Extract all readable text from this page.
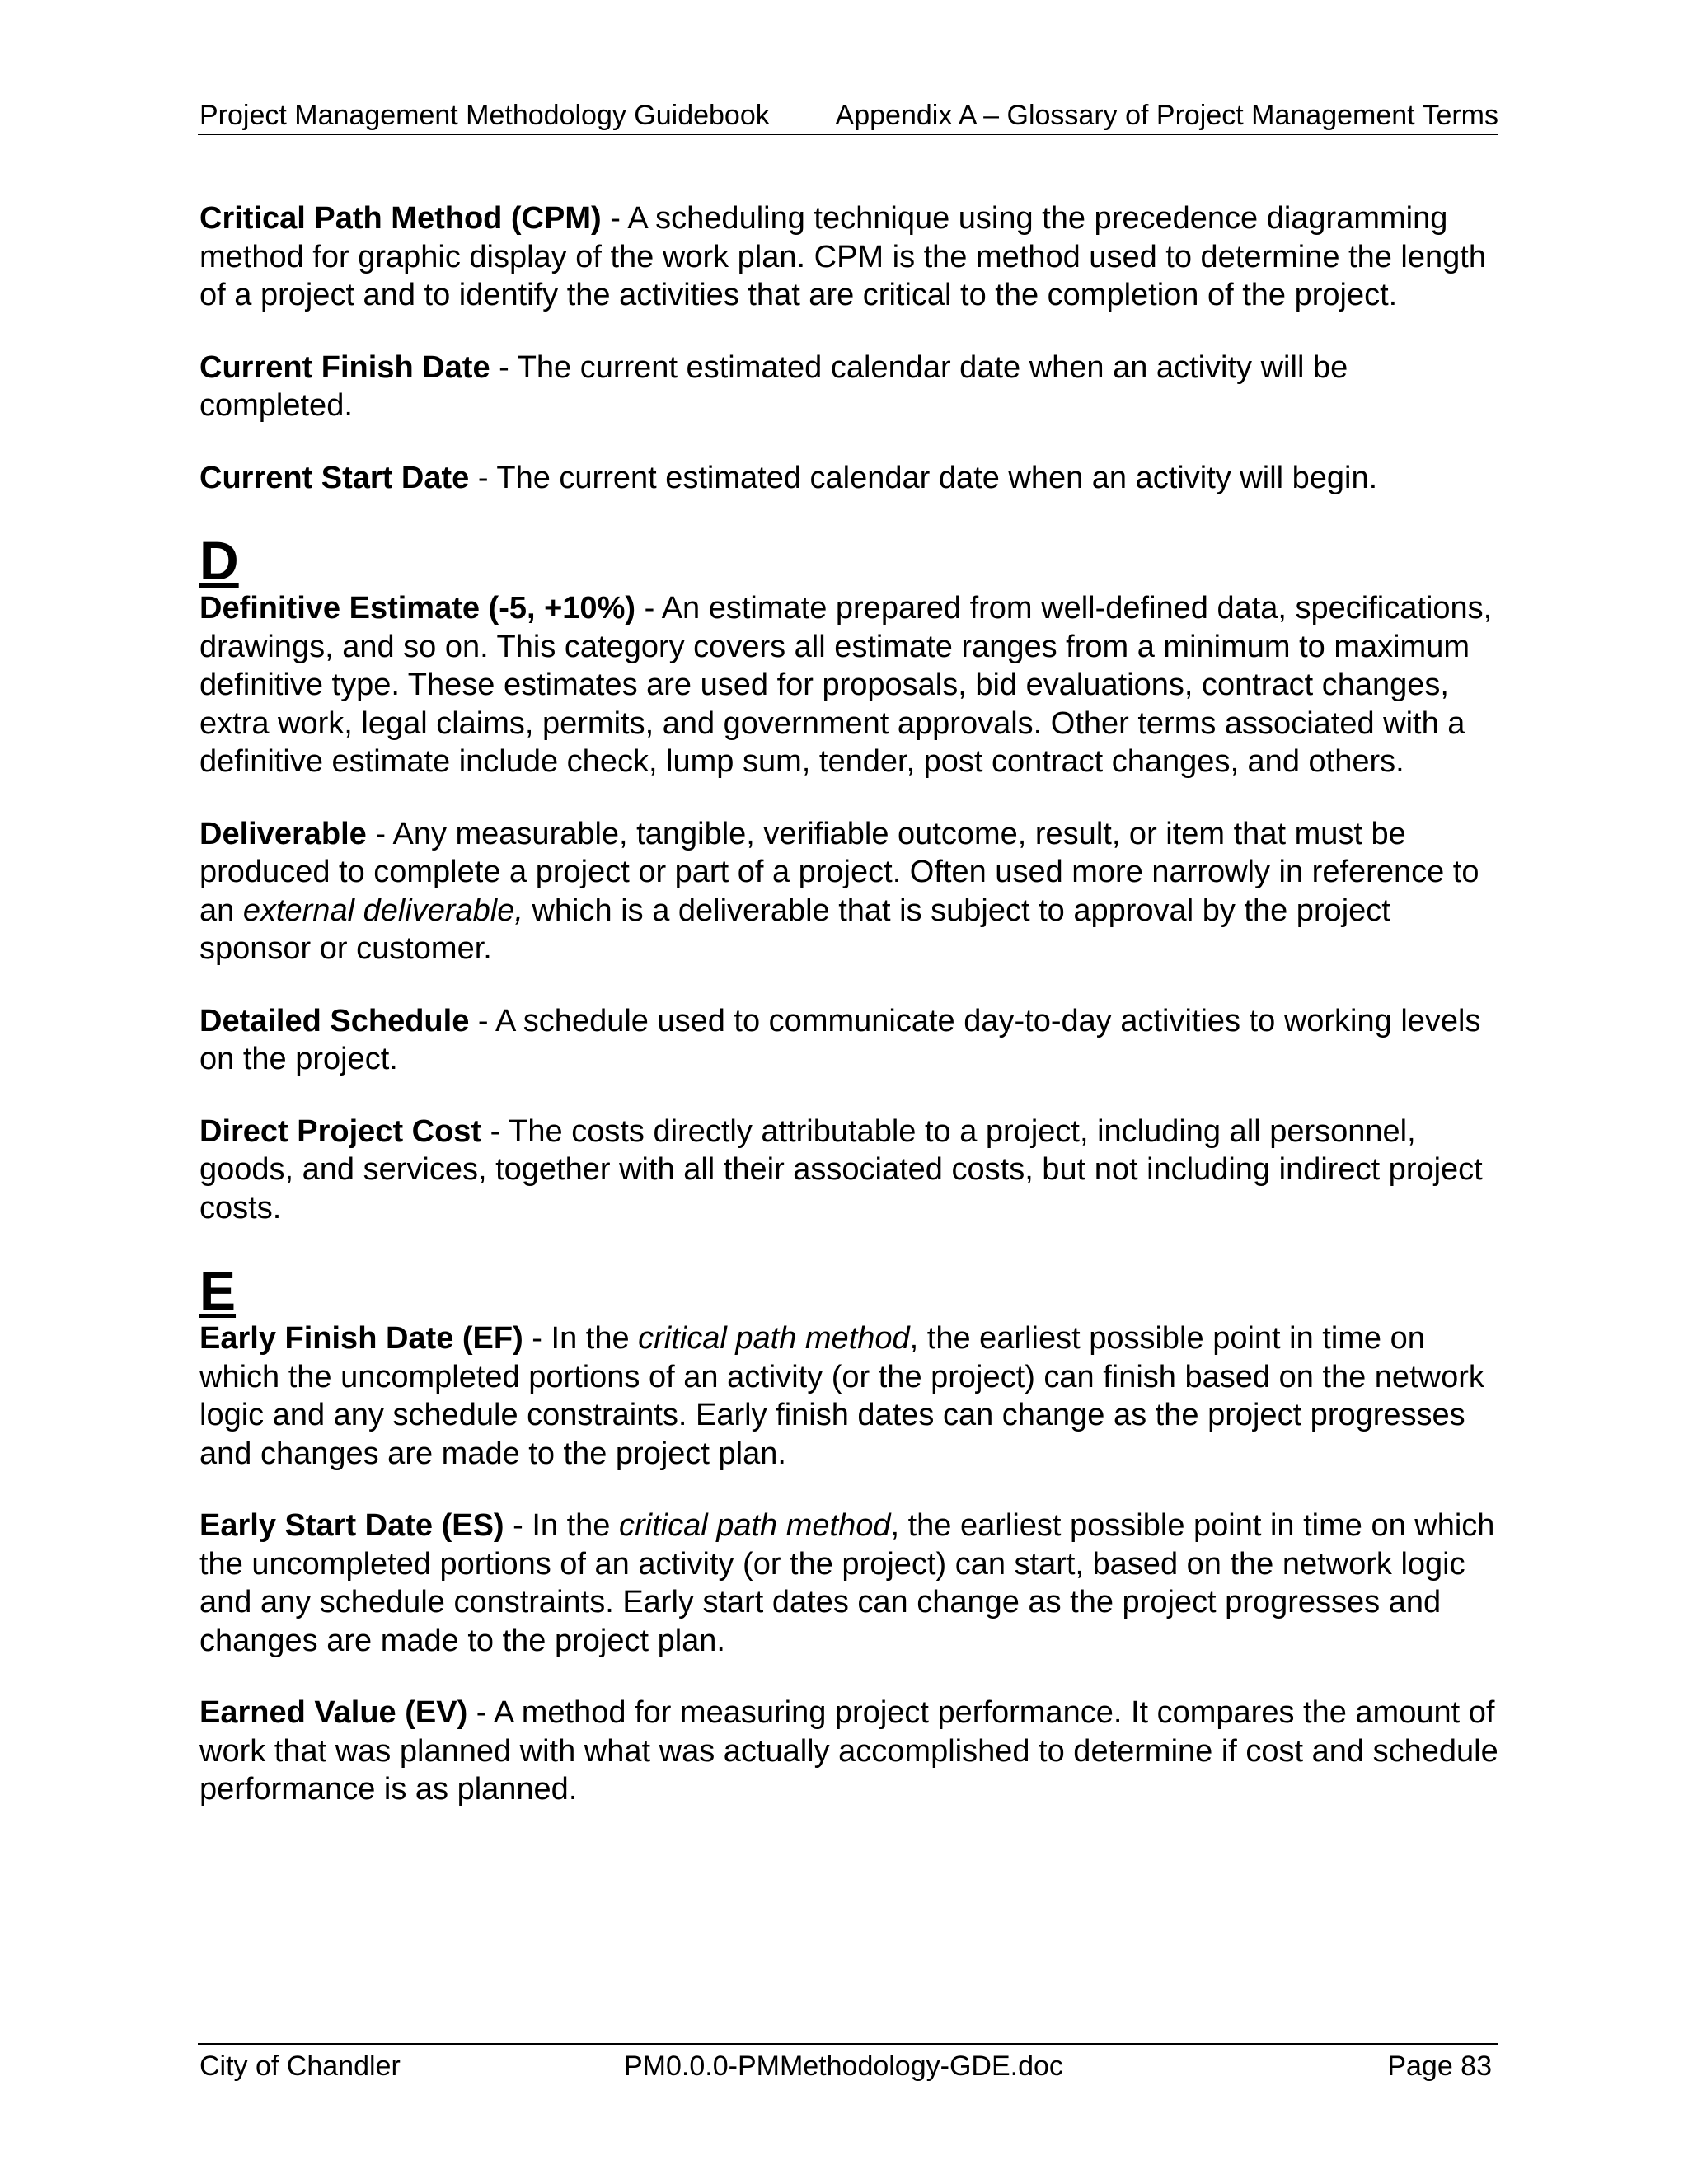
Project Management Methodology Guidebook Appendix A – Glossary of Project Management Terms

Critical Path Method (CPM) - A scheduling technique using the precedence diagramming method for graphic display of the work plan. CPM is the method used to determine the length of a project and to identify the activities that are critical to the completion of the project.

Current Finish Date - The current estimated calendar date when an activity will be completed.

Current Start Date - The current estimated calendar date when an activity will begin.

D

Definitive Estimate (-5, +10%) - An estimate prepared from well-defined data, specifications, drawings, and so on. This category covers all estimate ranges from a minimum to maximum definitive type. These estimates are used for proposals, bid evaluations, contract changes, extra work, legal claims, permits, and government approvals. Other terms associated with a definitive estimate include check, lump sum, tender, post contract changes, and others.

Deliverable - Any measurable, tangible, verifiable outcome, result, or item that must be produced to complete a project or part of a project. Often used more narrowly in reference to an external deliverable, which is a deliverable that is subject to approval by the project sponsor or customer.

Detailed Schedule - A schedule used to communicate day-to-day activities to working levels on the project.

Direct Project Cost - The costs directly attributable to a project, including all personnel, goods, and services, together with all their associated costs, but not including indirect project costs.

E

Early Finish Date (EF) - In the critical path method, the earliest possible point in time on which the uncompleted portions of an activity (or the project) can finish based on the network logic and any schedule constraints. Early finish dates can change as the project progresses and changes are made to the project plan.

Early Start Date (ES) - In the critical path method, the earliest possible point in time on which the uncompleted portions of an activity (or the project) can start, based on the network logic and any schedule constraints. Early start dates can change as the project progresses and changes are made to the project plan.

Earned Value (EV) - A method for measuring project performance. It compares the amount of work that was planned with what was actually accomplished to determine if cost and schedule performance is as planned.

City of Chandler	PM0.0.0-PMMethodology-GDE.doc	Page 83
